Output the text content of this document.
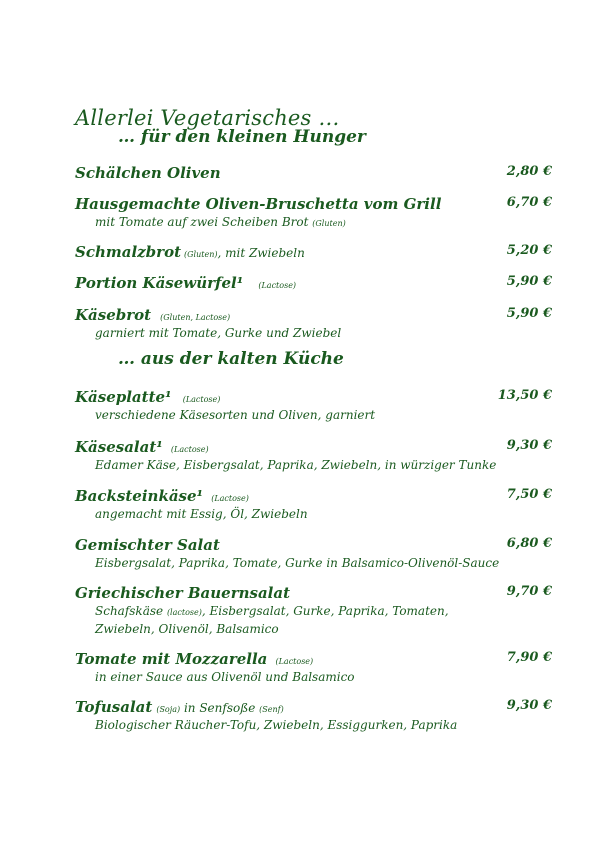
Allerlei Vegetarisches …
… für den kleinen Hunger
Schälchen Oliven	2,80 €
Hausgemachte Oliven-Bruschetta vom Grill	6,70 €
mit Tomate auf zwei Scheiben Brot (Gluten)
Schmalzbrot (Gluten), mit Zwiebeln	5,20 €
Portion Käsewürfel¹ (Lactose)	5,90 €
Käsebrot (Gluten, Lactose)	5,90 €
garniert mit Tomate, Gurke und Zwiebel
… aus der kalten Küche
Käseplatte¹ (Lactose)	13,50 €
verschiedene Käsesorten und Oliven, garniert
Käsesalat¹ (Lactose)	9,30 €
Edamer Käse, Eisbergsalat, Paprika, Zwiebeln, in würziger Tunke
Backsteinkäse¹ (Lactose)	7,50 €
angemacht mit Essig, Öl, Zwiebeln
Gemischter Salat	6,80 €
Eisbergsalat, Paprika, Tomate, Gurke in Balsamico-Olivenöl-Sauce
Griechischer Bauernsalat	9,70 €
Schafskäse (lactose), Eisbergsalat, Gurke, Paprika, Tomaten,
Zwiebeln, Olivenöl, Balsamico
Tomate mit Mozzarella (Lactose)	7,90 €
in einer Sauce aus Olivenöl und Balsamico
Tofusalat (Soja) in Senfsoße (Senf)	9,30 €
Biologischer Räucher-Tofu, Zwiebeln, Essiggurken, Paprika
